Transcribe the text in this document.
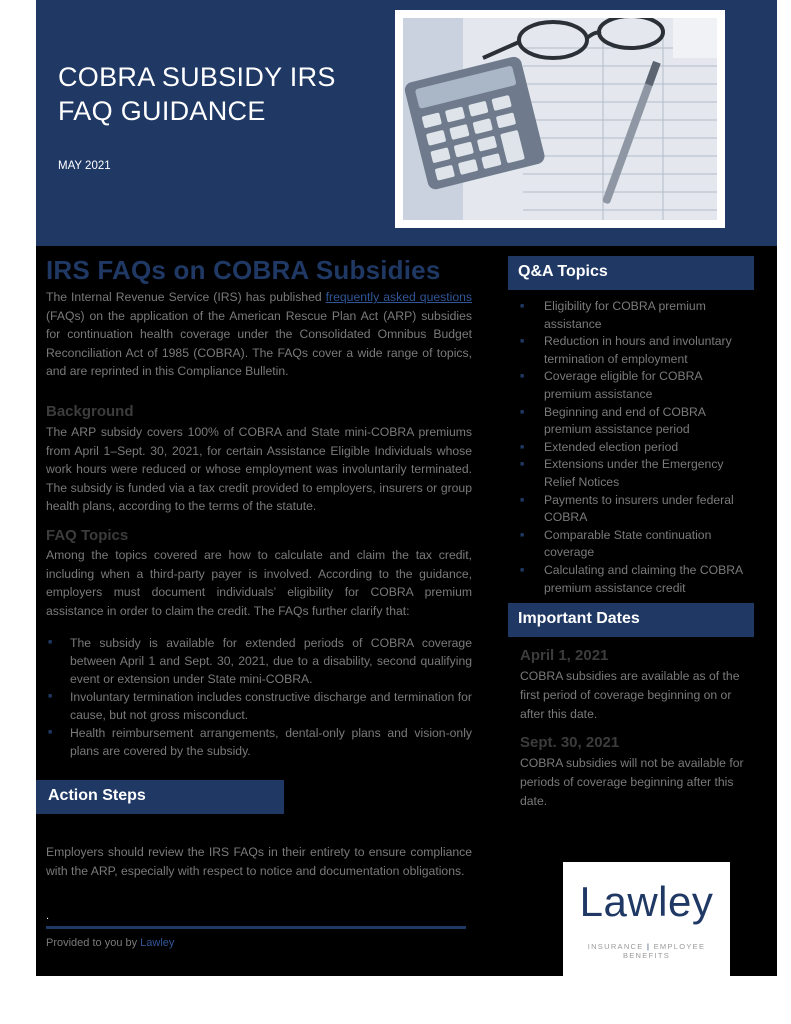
COBRA SUBSIDY IRS
FAQ GUIDANCE
MAY 2021
IRS FAQs on COBRA Subsidies

The Internal Revenue Service (IRS) has published frequently asked questions (FAQs) on the application of the American Rescue Plan Act (ARP) subsidies for continuation health coverage under the Consolidated Omnibus Budget Reconciliation Act of 1985 (COBRA). The FAQs cover a wide range of topics, and are reprinted in this Compliance Bulletin.

Background

The ARP subsidy covers 100% of COBRA and State mini-COBRA premiums from April 1–Sept. 30, 2021, for certain Assistance Eligible Individuals whose work hours were reduced or whose employment was involuntarily terminated. The subsidy is funded via a tax credit provided to employers, insurers or group health plans, according to the terms of the statute.

FAQ Topics

Among the topics covered are how to calculate and claim the tax credit, including when a third-party payer is involved. According to the guidance, employers must document individuals’ eligibility for COBRA premium assistance in order to claim the credit. The FAQs further clarify that:

■ The subsidy is available for extended periods of COBRA coverage between April 1 and Sept. 30, 2021, due to a disability, second qualifying event or extension under State mini-COBRA.
■ Involuntary termination includes constructive discharge and termination for cause, but not gross misconduct.
■ Health reimbursement arrangements, dental-only plans and vision-only plans are covered by the subsidy.
Action Steps

Employers should review the IRS FAQs in their entirety to ensure compliance with the ARP, especially with respect to notice and documentation obligations.

.
Provided to you by Lawley
Q&A Topics
■ Eligibility for COBRA premium assistance
■ Reduction in hours and involuntary termination of employment
■ Coverage eligible for COBRA premium assistance
■ Beginning and end of COBRA premium assistance period
■ Extended election period
■ Extensions under the Emergency Relief Notices
■ Payments to insurers under federal COBRA
■ Comparable State continuation coverage
■ Calculating and claiming the COBRA premium assistance credit
Important Dates
April 1, 2021
COBRA subsidies are available as of the first period of coverage beginning on or after this date.
Sept. 30, 2021
COBRA subsidies will not be available for periods of coverage beginning after this date.
Lawley
INSURANCE | EMPLOYEE BENEFITS
